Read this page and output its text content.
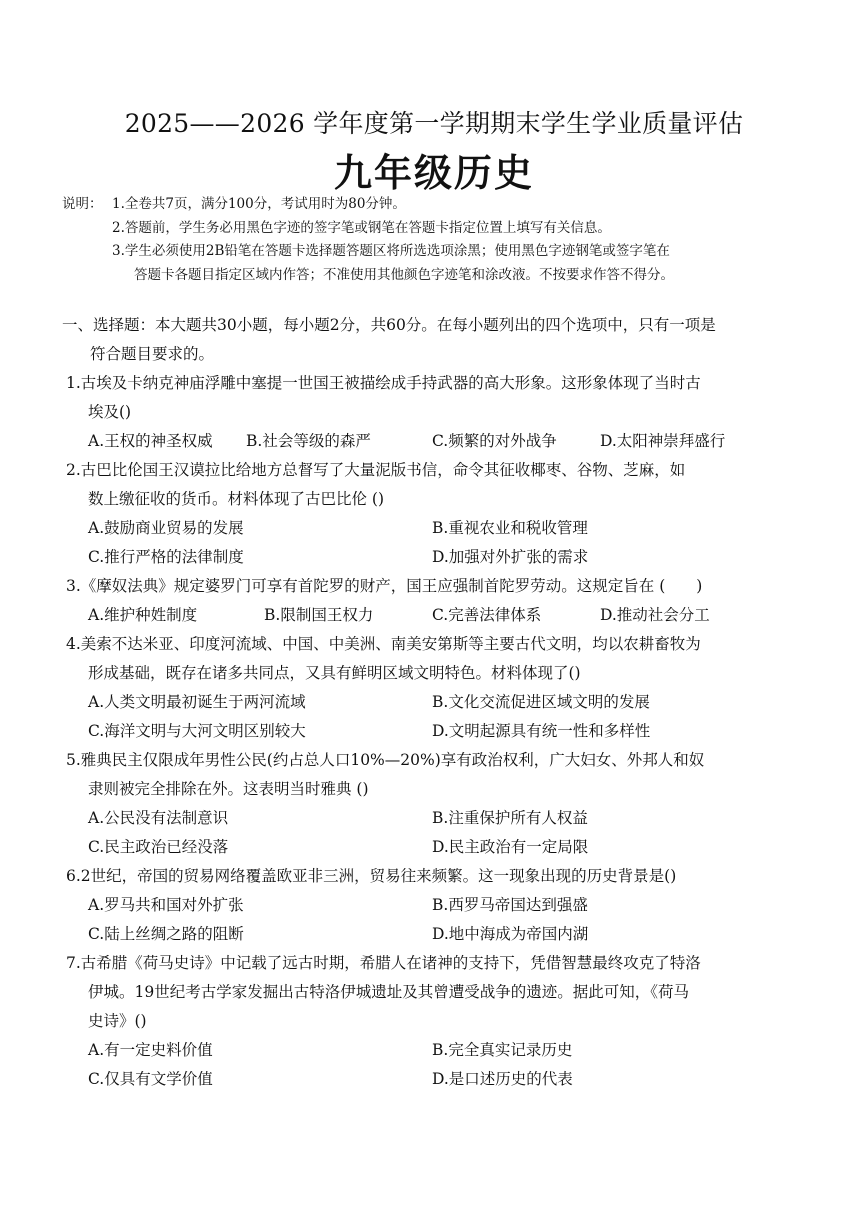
2025——2026 学年度第一学期期末学生学业质量评估
九年级历史
说明： 1.全卷共7页，满分100分，考试用时为80分钟。
2.答题前，学生务必用黑色字迹的签字笔或钢笔在答题卡指定位置上填写有关信息。
3.学生必须使用2B铅笔在答题卡选择题答题区将所选选项涂黑；使用黑色字迹钢笔或签字笔在
答题卡各题目指定区域内作答；不准使用其他颜色字迹笔和涂改液。不按要求作答不得分。
一、选择题：本大题共30小题，每小题2分，共60分。在每小题列出的四个选项中，只有一项是
符合题目要求的。
1.古埃及卡纳克神庙浮雕中塞提一世国王被描绘成手持武器的高大形象。这形象体现了当时古
埃及()
A.王权的神圣权威 B.社会等级的森严	C.频繁的对外战争	D.太阳神崇拜盛行
2.古巴比伦国王汉谟拉比给地方总督写了大量泥版书信，命令其征收椰枣、谷物、芝麻，如
数上缴征收的货币。材料体现了古巴比伦 ()
A.鼓励商业贸易的发展	B.重视农业和税收管理
C.推行严格的法律制度	D.加强对外扩张的需求
3.《摩奴法典》规定婆罗门可享有首陀罗的财产，国王应强制首陀罗劳动。这规定旨在 (　　)
A.维护种姓制度	B.限制国王权力	C.完善法律体系	D.推动社会分工
4.美索不达米亚、印度河流域、中国、中美洲、南美安第斯等主要古代文明，均以农耕畜牧为
形成基础，既存在诸多共同点，又具有鲜明区域文明特色。材料体现了()
A.人类文明最初诞生于两河流域	B.文化交流促进区域文明的发展
C.海洋文明与大河文明区别较大	D.文明起源具有统一性和多样性
5.雅典民主仅限成年男性公民(约占总人口10%—20%)享有政治权利，广大妇女、外邦人和奴
隶则被完全排除在外。这表明当时雅典 ()
A.公民没有法制意识	B.注重保护所有人权益
C.民主政治已经没落	D.民主政治有一定局限
6.2世纪，帝国的贸易网络覆盖欧亚非三洲，贸易往来频繁。这一现象出现的历史背景是()
A.罗马共和国对外扩张	B.西罗马帝国达到强盛
C.陆上丝绸之路的阻断	D.地中海成为帝国内湖
7.古希腊《荷马史诗》中记载了远古时期，希腊人在诸神的支持下，凭借智慧最终攻克了特洛
伊城。19世纪考古学家发掘出古特洛伊城遗址及其曾遭受战争的遗迹。据此可知，《荷马
史诗》()
A.有一定史料价值	B.完全真实记录历史
C.仅具有文学价值	D.是口述历史的代表
